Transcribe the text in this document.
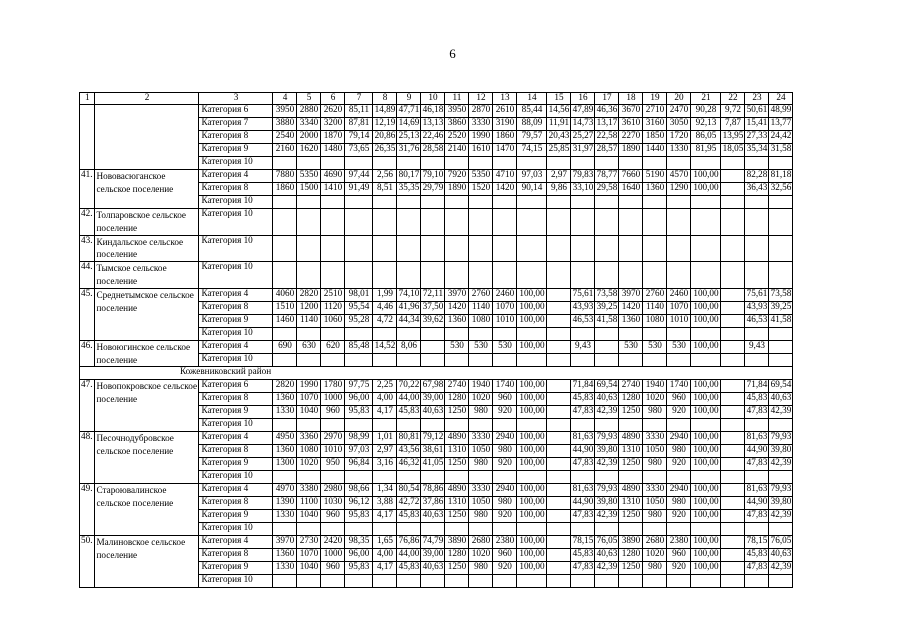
6
1	2	3	4	5	6	7	8	9	10	11	12	13	14	15	16	17	18	19	20	21	22	23	24
		Категория 6	3950	2880	2620	85,11	14,89	47,71	46,18	3950	2870	2610	85,44	14,56	47,89	46,36	3670	2710	2470	90,28	9,72	50,61	48,99
		Категория 7	3880	3340	3200	87,81	12,19	14,69	13,13	3860	3330	3190	88,09	11,91	14,73	13,17	3610	3160	3050	92,13	7,87	15,41	13,77
		Категория 8	2540	2000	1870	79,14	20,86	25,13	22,46	2520	1990	1860	79,57	20,43	25,27	22,58	2270	1850	1720	86,05	13,95	27,33	24,42
		Категория 9	2160	1620	1480	73,65	26,35	31,76	28,58	2140	1610	1470	74,15	25,85	31,97	28,57	1890	1440	1330	81,95	18,05	35,34	31,58
		Категория 10																					
41.	Нововасюганское сельское поселение	Категория 4	7880	5350	4690	97,44	2,56	80,17	79,10	7920	5350	4710	97,03	2,97	79,83	78,77	7660	5190	4570	100,00		82,28	81,18
		Категория 8	1860	1500	1410	91,49	8,51	35,35	29,79	1890	1520	1420	90,14	9,86	33,10	29,58	1640	1360	1290	100,00		36,43	32,56
		Категория 10																					
42.	Толпаровское сельское поселение	Категория 10																					
43.	Киндальское сельское поселение	Категория 10																					
44.	Тымское сельское поселение	Категория 10																					
45.	Среднетымское сельское поселение	Категория 4	4060	2820	2510	98,01	1,99	74,10	72,11	3970	2760	2460	100,00		75,61	73,58	3970	2760	2460	100,00		75,61	73,58
		Категория 8	1510	1200	1120	95,54	4,46	41,96	37,50	1420	1140	1070	100,00		43,93	39,25	1420	1140	1070	100,00		43,93	39,25
		Категория 9	1460	1140	1060	95,28	4,72	44,34	39,62	1360	1080	1010	100,00		46,53	41,58	1360	1080	1010	100,00		46,53	41,58
		Категория 10																					
46.	Новоюгинское сельское поселение	Категория 4	690	630	620	85,48	14,52	8,06		530	530	530	100,00		9,43		530	530	530	100,00		9,43	
		Категория 10																					
Кожевниковский район																							
47.	Новопокровское сельское поселение	Категория 6	2820	1990	1780	97,75	2,25	70,22	67,98	2740	1940	1740	100,00		71,84	69,54	2740	1940	1740	100,00		71,84	69,54
		Категория 8	1360	1070	1000	96,00	4,00	44,00	39,00	1280	1020	960	100,00		45,83	40,63	1280	1020	960	100,00		45,83	40,63
		Категория 9	1330	1040	960	95,83	4,17	45,83	40,63	1250	980	920	100,00		47,83	42,39	1250	980	920	100,00		47,83	42,39
		Категория 10																					
48.	Песочнодубровское сельское поселение	Категория 4	4950	3360	2970	98,99	1,01	80,81	79,12	4890	3330	2940	100,00		81,63	79,93	4890	3330	2940	100,00		81,63	79,93
		Категория 8	1360	1080	1010	97,03	2,97	43,56	38,61	1310	1050	980	100,00		44,90	39,80	1310	1050	980	100,00		44,90	39,80
		Категория 9	1300	1020	950	96,84	3,16	46,32	41,05	1250	980	920	100,00		47,83	42,39	1250	980	920	100,00		47,83	42,39
		Категория 10																					
49.	Староювалинское сельское поселение	Категория 4	4970	3380	2980	98,66	1,34	80,54	78,86	4890	3330	2940	100,00		81,63	79,93	4890	3330	2940	100,00		81,63	79,93
		Категория 8	1390	1100	1030	96,12	3,88	42,72	37,86	1310	1050	980	100,00		44,90	39,80	1310	1050	980	100,00		44,90	39,80
		Категория 9	1330	1040	960	95,83	4,17	45,83	40,63	1250	980	920	100,00		47,83	42,39	1250	980	920	100,00		47,83	42,39
		Категория 10																					
50.	Малиновское сельское поселение	Категория 4	3970	2730	2420	98,35	1,65	76,86	74,79	3890	2680	2380	100,00		78,15	76,05	3890	2680	2380	100,00		78,15	76,05
		Категория 8	1360	1070	1000	96,00	4,00	44,00	39,00	1280	1020	960	100,00		45,83	40,63	1280	1020	960	100,00		45,83	40,63
		Категория 9	1330	1040	960	95,83	4,17	45,83	40,63	1250	980	920	100,00		47,83	42,39	1250	980	920	100,00		47,83	42,39
		Категория 10																					
